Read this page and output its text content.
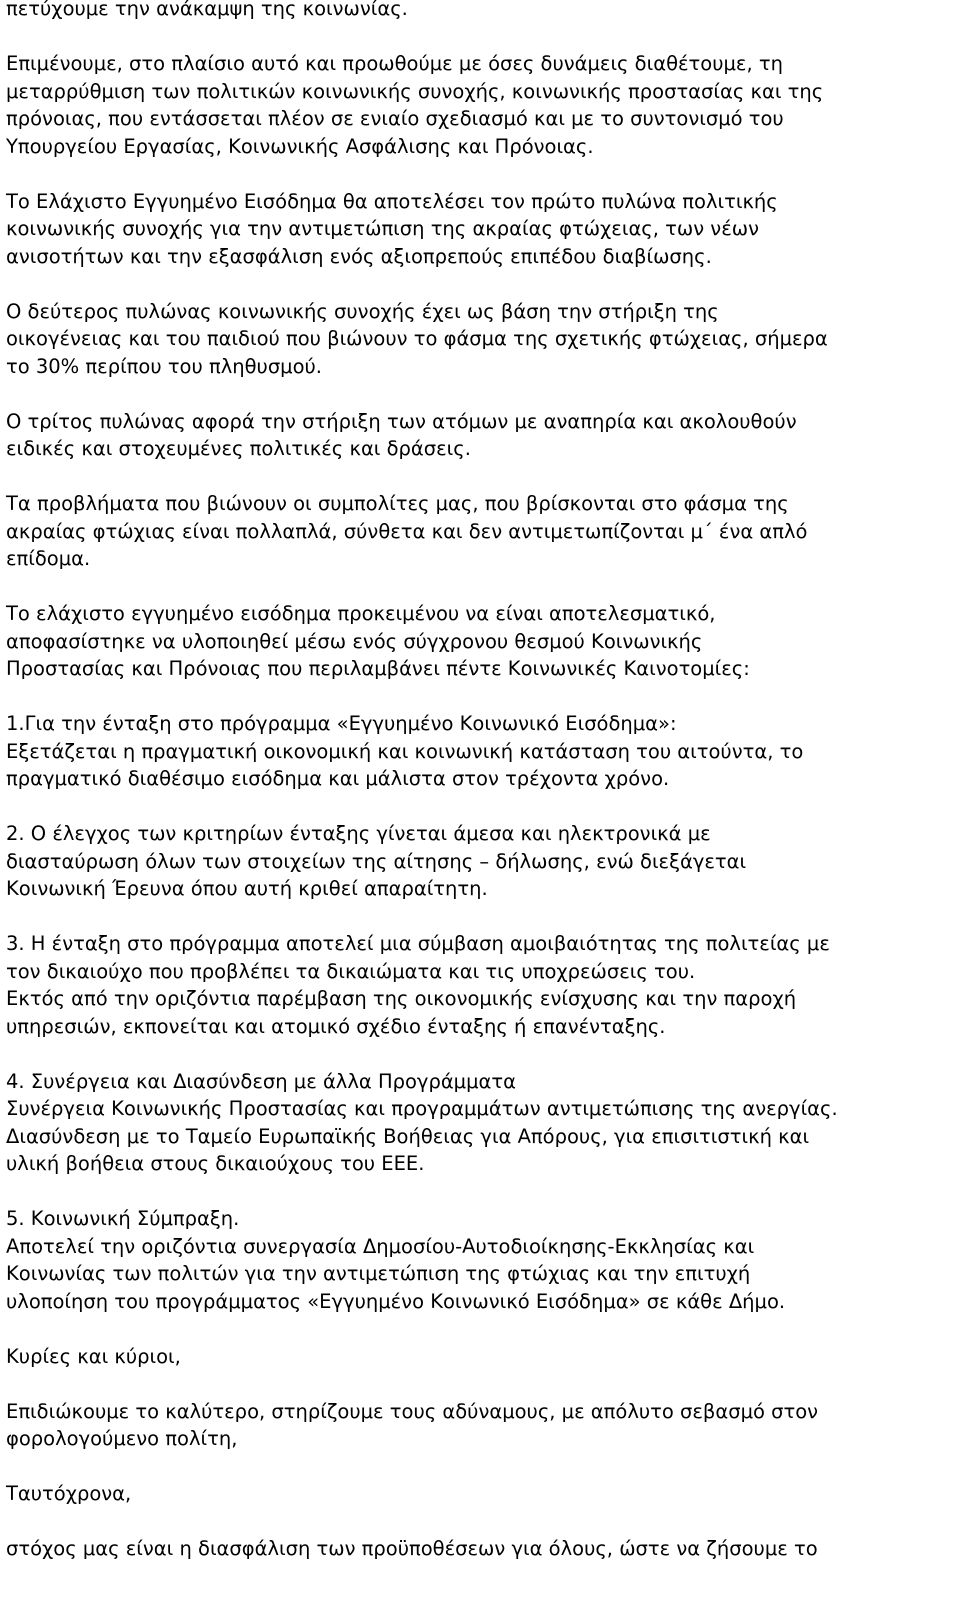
πετύχουμε την ανάκαμψη της κοινωνίας.
Επιμένουμε, στο πλαίσιο αυτό και προωθούμε με όσες δυνάμεις διαθέτουμε, τη
μεταρρύθμιση των πολιτικών κοινωνικής συνοχής, κοινωνικής προστασίας και της
πρόνοιας, που εντάσσεται πλέον σε ενιαίο σχεδιασμό και με το συντονισμό του
Υπουργείου Εργασίας, Κοινωνικής Ασφάλισης και Πρόνοιας.
Το Ελάχιστο Εγγυημένο Εισόδημα θα αποτελέσει τον πρώτο πυλώνα πολιτικής
κοινωνικής συνοχής για την αντιμετώπιση της ακραίας φτώχειας, των νέων
ανισοτήτων και την εξασφάλιση ενός αξιοπρεπούς επιπέδου διαβίωσης.
Ο δεύτερος πυλώνας κοινωνικής συνοχής έχει ως βάση την στήριξη της
οικογένειας και του παιδιού που βιώνουν το φάσμα της σχετικής φτώχειας, σήμερα
το 30% περίπου του πληθυσμού.
Ο τρίτος πυλώνας αφορά την στήριξη των ατόμων με αναπηρία και ακολουθούν
ειδικές και στοχευμένες πολιτικές και δράσεις.
Τα προβλήματα που βιώνουν οι συμπολίτες μας, που βρίσκονται στο φάσμα της
ακραίας φτώχιας είναι πολλαπλά, σύνθετα και δεν αντιμετωπίζονται μ΄ ένα απλό
επίδομα.
Το ελάχιστο εγγυημένο εισόδημα προκειμένου να είναι αποτελεσματικό,
αποφασίστηκε να υλοποιηθεί μέσω ενός σύγχρονου θεσμού Κοινωνικής
Προστασίας και Πρόνοιας που περιλαμβάνει πέντε Κοινωνικές Καινοτομίες:
1.Για την ένταξη στο πρόγραμμα «Εγγυημένο Κοινωνικό Εισόδημα»:
Εξετάζεται η πραγματική οικονομική και κοινωνική κατάσταση του αιτούντα, το
πραγματικό διαθέσιμο εισόδημα και μάλιστα στον τρέχοντα χρόνο.
2. Ο έλεγχος των κριτηρίων ένταξης γίνεται άμεσα και ηλεκτρονικά με
διασταύρωση όλων των στοιχείων της αίτησης – δήλωσης, ενώ διεξάγεται
Κοινωνική Έρευνα όπου αυτή κριθεί απαραίτητη.
3. Η ένταξη στο πρόγραμμα αποτελεί μια σύμβαση αμοιβαιότητας της πολιτείας με
τον δικαιούχο που προβλέπει τα δικαιώματα και τις υποχρεώσεις του.
Εκτός από την οριζόντια παρέμβαση της οικονομικής ενίσχυσης και την παροχή
υπηρεσιών, εκπονείται και ατομικό σχέδιο ένταξης ή επανένταξης.
4. Συνέργεια και Διασύνδεση με άλλα Προγράμματα
Συνέργεια Κοινωνικής Προστασίας και προγραμμάτων αντιμετώπισης της ανεργίας.
Διασύνδεση με το Ταμείο Ευρωπαϊκής Βοήθειας για Απόρους, για επισιτιστική και
υλική βοήθεια στους δικαιούχους του ΕΕΕ.
5. Κοινωνική Σύμπραξη.
Αποτελεί την οριζόντια συνεργασία Δημοσίου-Αυτοδιοίκησης-Εκκλησίας και
Κοινωνίας των πολιτών για την αντιμετώπιση της φτώχιας και την επιτυχή
υλοποίηση του προγράμματος «Εγγυημένο Κοινωνικό Εισόδημα» σε κάθε Δήμο.
Κυρίες και κύριοι,
Επιδιώκουμε το καλύτερο, στηρίζουμε τους αδύναμους, με απόλυτο σεβασμό στον
φορολογούμενο πολίτη,
Ταυτόχρονα,
στόχος μας είναι η διασφάλιση των προϋποθέσεων για όλους, ώστε να ζήσουμε το
